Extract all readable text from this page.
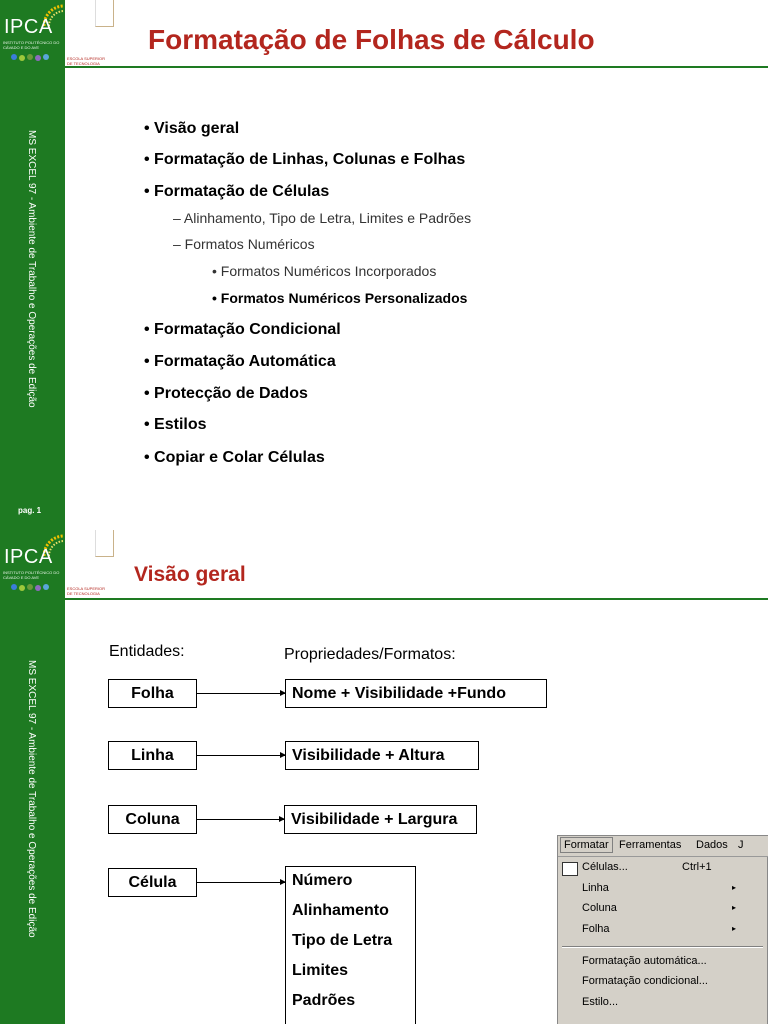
IPCA
INSTITUTO POLITÉCNICO DO CÁVADO E DO AVE
ESCOLA SUPERIOR DE TECNOLOGIA
Formatação de Folhas de Cálculo
MS EXCEL 97 - Ambiente de Trabalho e Operações de Edição
pag. 1
• Visão geral
• Formatação de Linhas, Colunas e Folhas
• Formatação de Células
– Alinhamento, Tipo de Letra, Limites e Padrões
– Formatos Numéricos
• Formatos Numéricos Incorporados
• Formatos Numéricos Personalizados
• Formatação Condicional
• Formatação Automática
• Protecção de Dados
• Estilos
• Copiar e Colar Células
IPCA
INSTITUTO POLITÉCNICO DO CÁVADO E DO AVE
ESCOLA SUPERIOR DE TECNOLOGIA
Visão geral
MS EXCEL 97 - Ambiente de Trabalho e Operações de Edição
Entidades:	Propriedades/Formatos:
Folha	Nome + Visibilidade +Fundo
Linha	Visibilidade + Altura
Coluna	Visibilidade + Largura
Célula	Número
Alinhamento
Tipo de Letra
Limites
Padrões
Formatar Ferramentas Dados J
Células...	Ctrl+1
Linha	▸
Coluna	▸
Folha	▸
Formatação automática...
Formatação condicional...
Estilo...
